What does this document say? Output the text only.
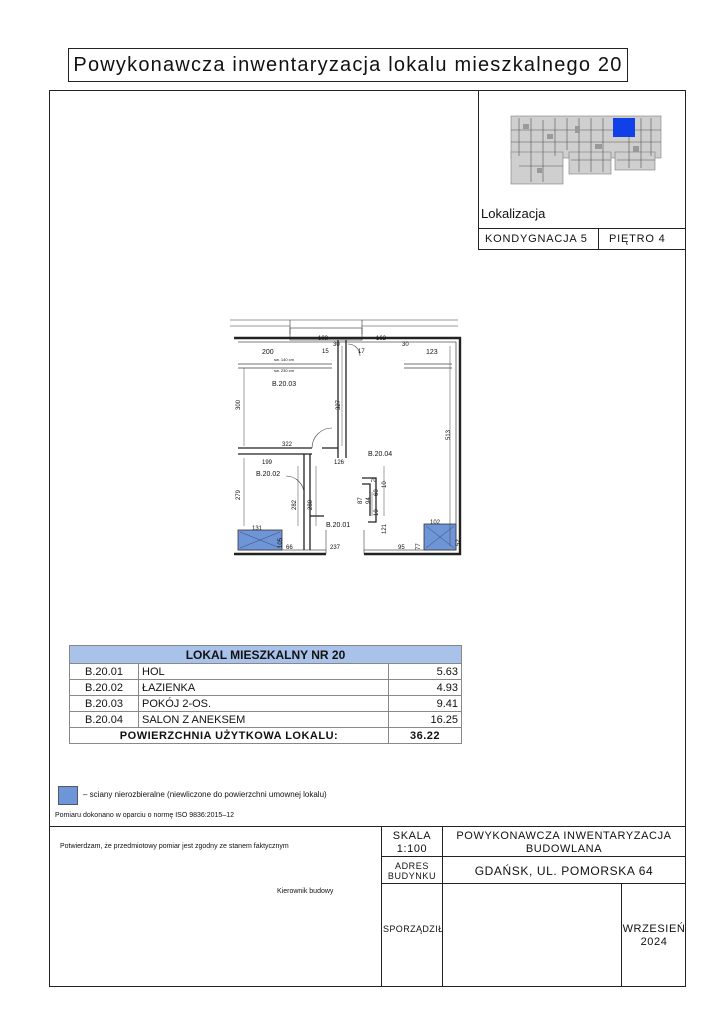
Powykonawcza inwentaryzacja lokalu mieszkalnego 20
Lokalizacja
KONDYGNACJA 5 PIĘTRO 4
B.20.04
B.20.03
B.20.02
B.20.01
200
103
15
30
17
162
30
123
sw. 140 cm
sw. 230 cm
300	327
513
322
126
199
279
282 280
70
87 94
60
10
10
121
131
102
105 66	237	95 77
52
LOKAL MIESZKALNY NR 20		
B.20.01	HOL	5.63
B.20.02	ŁAZIENKA	4.93
B.20.03	POKÓJ 2-OS.	9.41
B.20.04	SALON Z ANEKSEM	16.25
POWIERZCHNIA UŻYTKOWA LOKALU:		36.22
– sciany nierozbieralne (niewliczone do powierzchni umownej lokalu)
Pomiaru dokonano w oparciu o normę ISO 9836:2015–12
Potwierdzam, że przedmiotowy pomiar jest zgodny ze stanem faktycznym
Kierownik budowy
SKALA
1:100
POWYKONAWCZA INWENTARYZACJA BUDOWLANA
ADRES BUDYNKU	GDAŃSK, UL. POMORSKA 64
SPORZĄDZIŁ	WRZESIEŃ 2024
